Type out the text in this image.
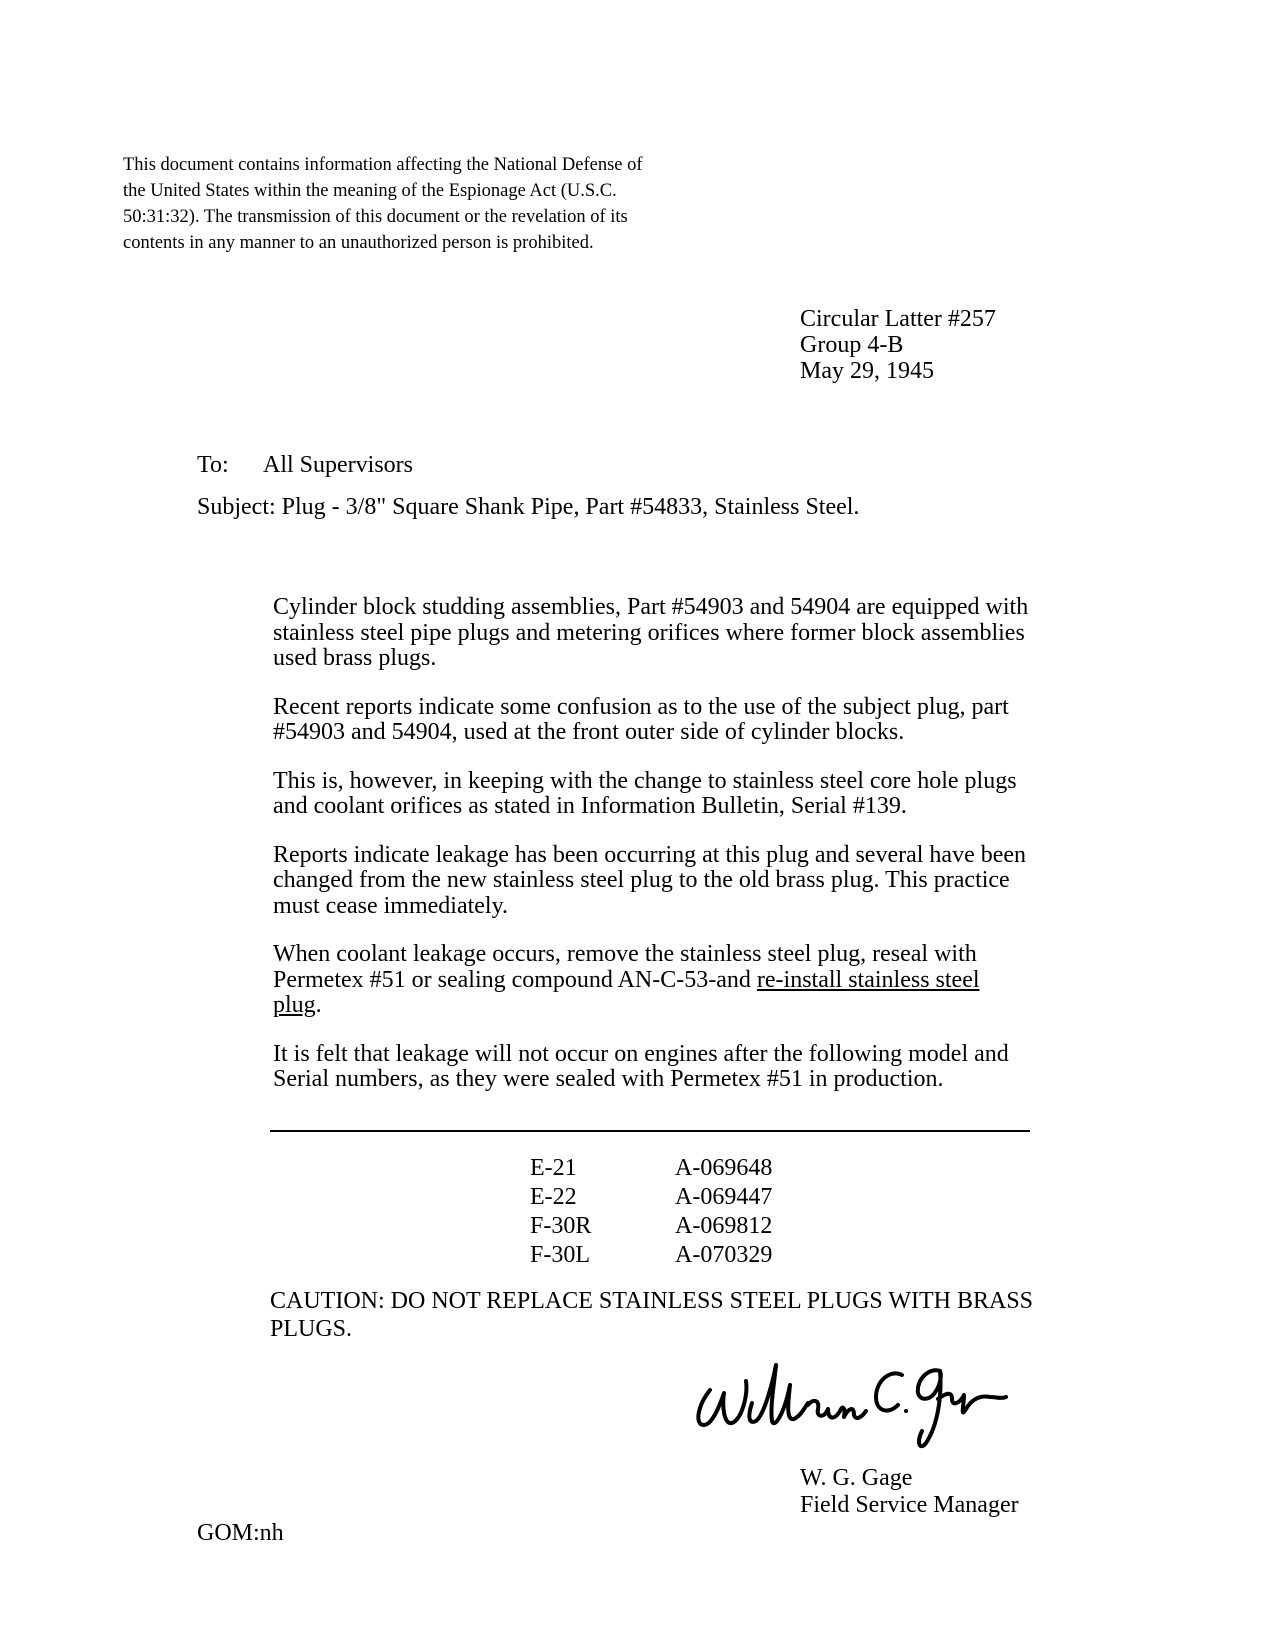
This document contains information affecting the National Defense of the United States within the meaning of the Espionage Act (U.S.C. 50:31:32). The transmission of this document or the revelation of its contents in any manner to an unauthorized person is prohibited.
Circular Latter #257
Group 4-B
May 29, 1945
To: All Supervisors
Subject: Plug - 3/8" Square Shank Pipe, Part #54833, Stainless Steel.

Cylinder block studding assemblies, Part #54903 and 54904 are equipped with stainless steel pipe plugs and metering orifices where former block assemblies used brass plugs.

Recent reports indicate some confusion as to the use of the subject plug, part #54903 and 54904, used at the front outer side of cylinder blocks.

This is, however, in keeping with the change to stainless steel core hole plugs and coolant orifices as stated in Information Bulletin, Serial #139.

Reports indicate leakage has been occurring at this plug and several have been changed from the new stainless steel plug to the old brass plug. This practice must cease immediately.

When coolant leakage occurs, remove the stainless steel plug, reseal with Permetex #51 or sealing compound AN-C-53-and re-install stainless steel plug.

It is felt that leakage will not occur on engines after the following model and Serial numbers, as they were sealed with Permetex #51 in production.

E-21	A-069648
E-22	A-069447
F-30R	A-069812
F-30L	A-070329
CAUTION: DO NOT REPLACE STAINLESS STEEL PLUGS WITH BRASS PLUGS.
William C. Gage
W. G. Gage
Field Service Manager
GOM:nh
